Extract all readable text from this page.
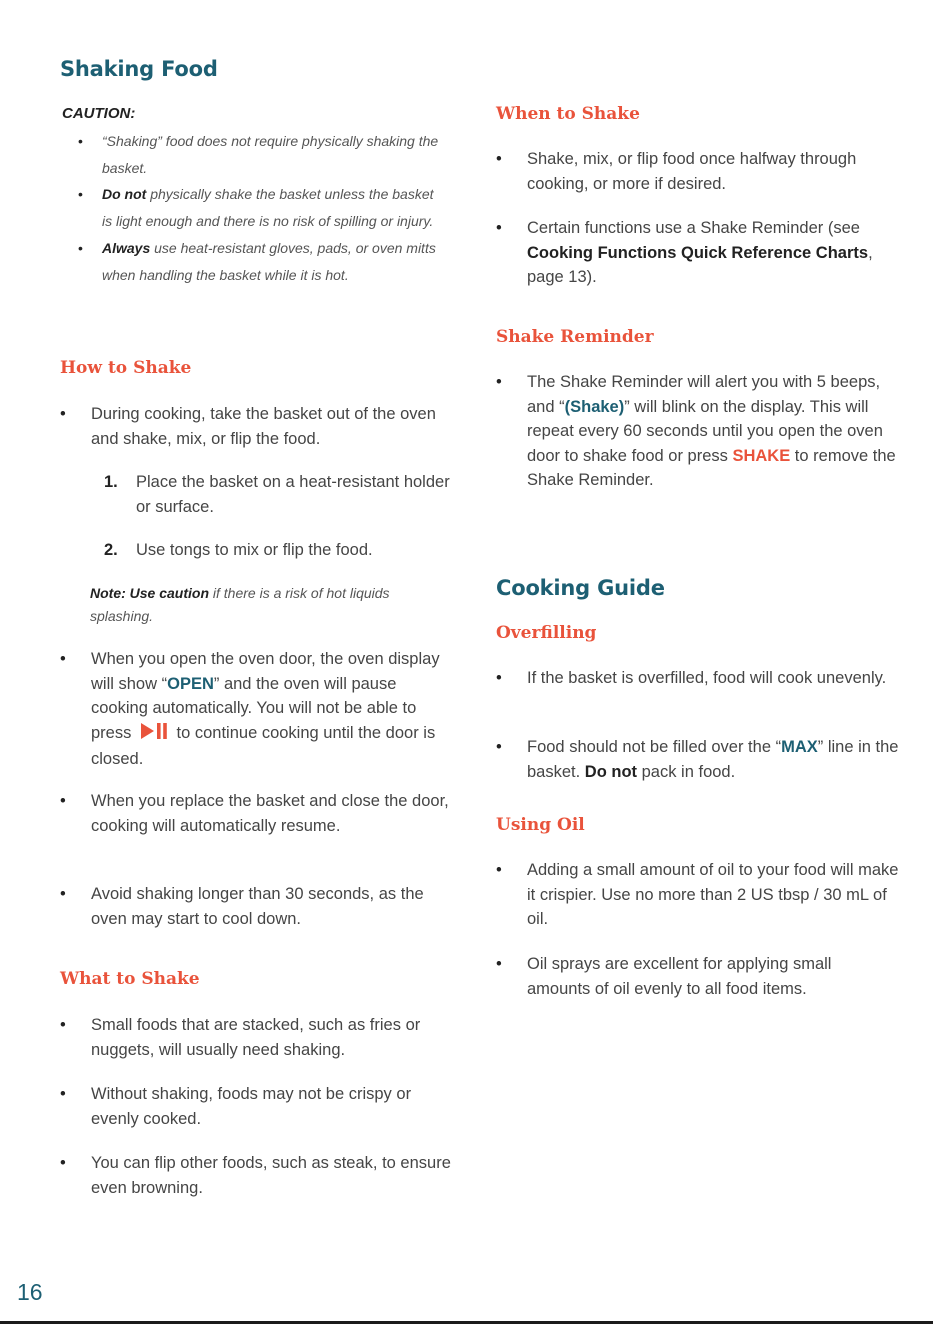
Shaking Food

CAUTION:

• “Shaking” food does not require physically shaking the basket.
• Do not physically shake the basket unless the basket is light enough and there is no risk of spilling or injury.
• Always use heat-resistant gloves, pads, or oven mitts when handling the basket while it is hot.
How to Shake

• During cooking, take the basket out of the oven and shake, mix, or flip the food.

1. Place the basket on a heat-resistant holder or surface.

2. Use tongs to mix or flip the food.

Note: Use caution if there is a risk of hot liquids splashing.

• When you open the oven door, the oven display will show “OPEN” and the oven will pause cooking automatically. You will not be able to press  to continue cooking until the door is closed.

• When you replace the basket and close the door, cooking will automatically resume.

• Avoid shaking longer than 30 seconds, as the oven may start to cool down.

What to Shake

• Small foods that are stacked, such as fries or nuggets, will usually need shaking.

• Without shaking, foods may not be crispy or evenly cooked.

• You can flip other foods, such as steak, to ensure even browning.

When to Shake

• Shake, mix, or flip food once halfway through cooking, or more if desired.

• Certain functions use a Shake Reminder (see Cooking Functions Quick Reference Charts, page 13).

Shake Reminder

• The Shake Reminder will alert you with 5 beeps, and “(Shake)” will blink on the display. This will repeat every 60 seconds until you open the oven door to shake food or press SHAKE to remove the Shake Reminder.

Cooking Guide
Overfilling

• If the basket is overfilled, food will cook unevenly.

• Food should not be filled over the “MAX” line in the basket. Do not pack in food.

Using Oil

• Adding a small amount of oil to your food will make it crispier. Use no more than 2 US tbsp / 30 mL of oil.

• Oil sprays are excellent for applying small amounts of oil evenly to all food items.

16
